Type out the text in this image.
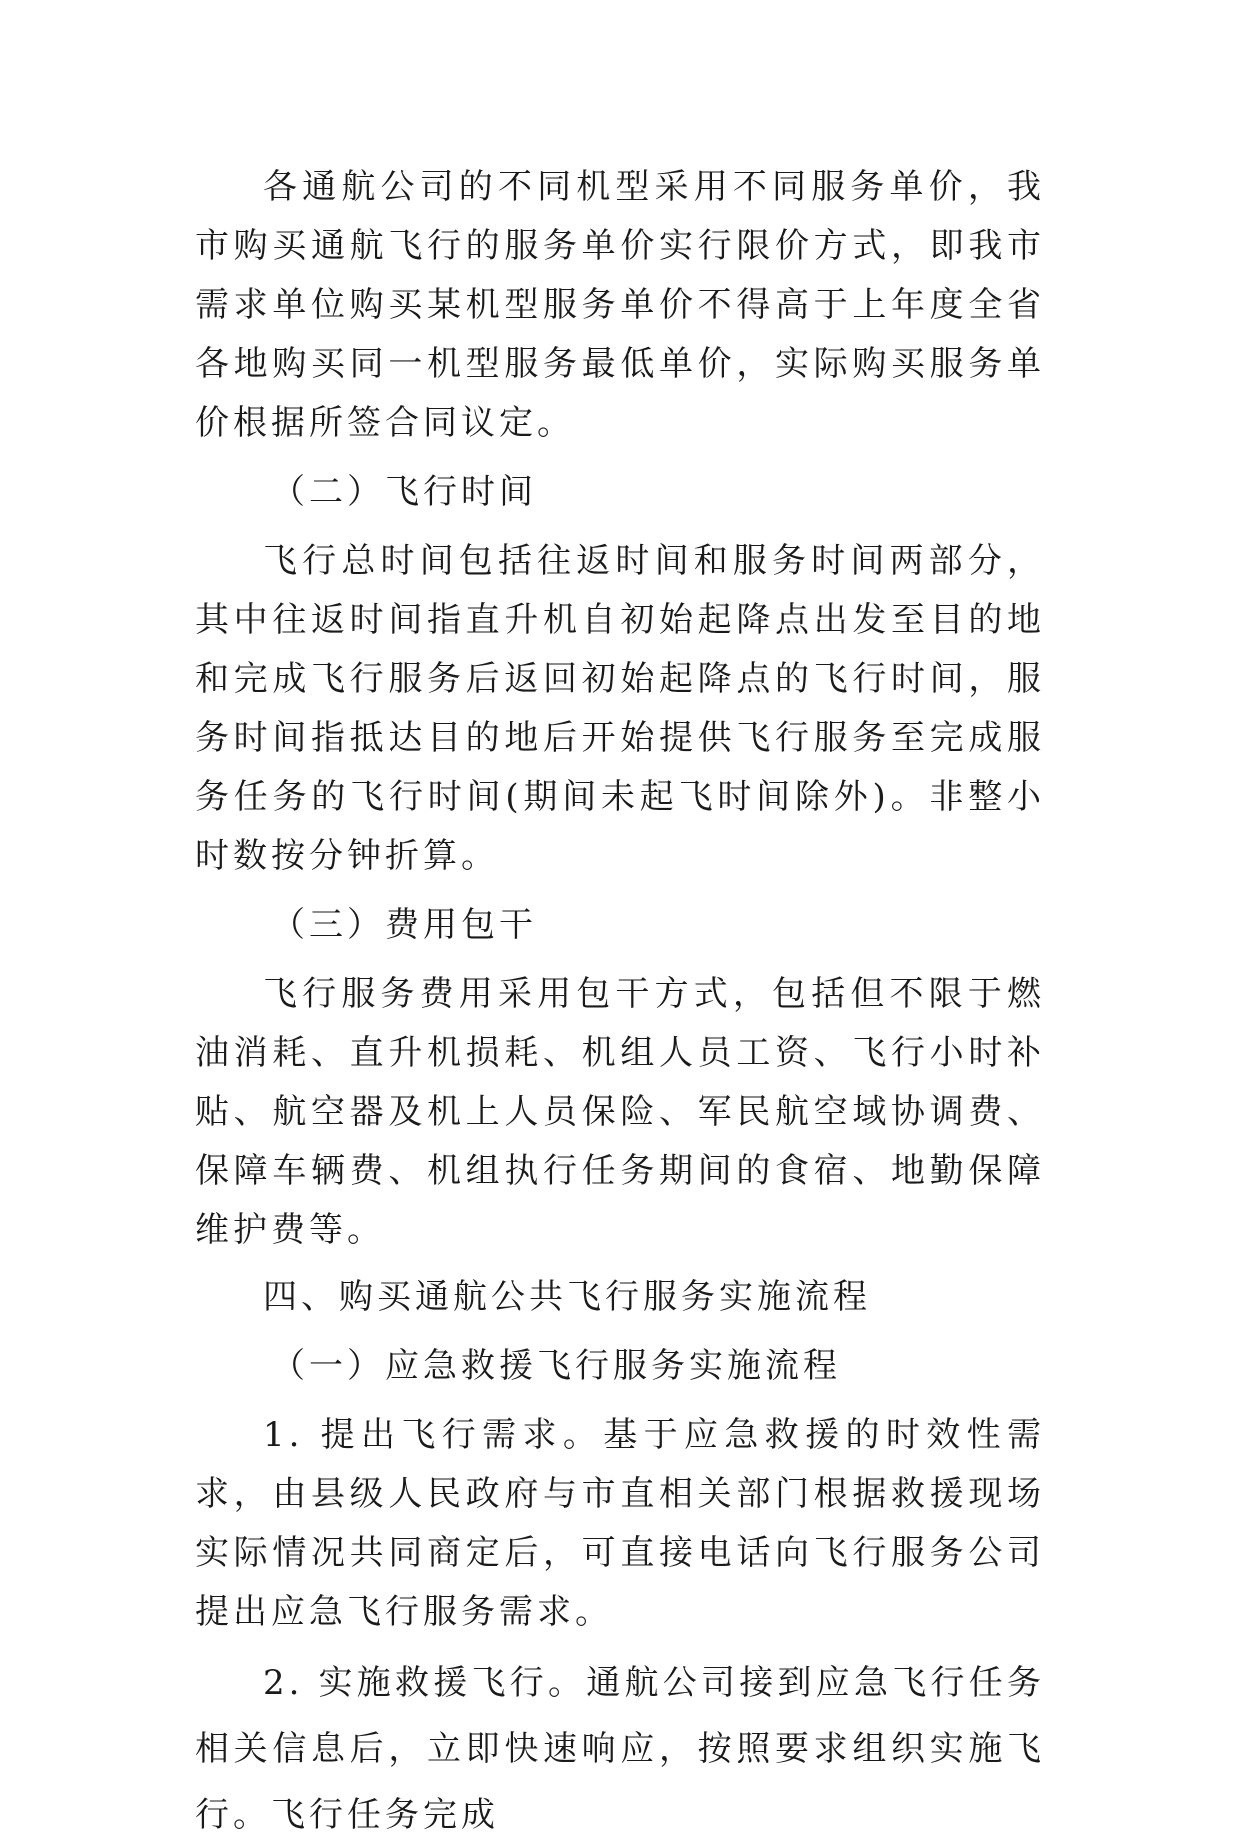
各通航公司的不同机型采用不同服务单价，我市购买通航飞行的服务单价实行限价方式，即我市需求单位购买某机型服务单价不得高于上年度全省各地购买同一机型服务最低单价，实际购买服务单价根据所签合同议定。

（二）飞行时间

飞行总时间包括往返时间和服务时间两部分，其中往返时间指直升机自初始起降点出发至目的地和完成飞行服务后返回初始起降点的飞行时间，服务时间指抵达目的地后开始提供飞行服务至完成服务任务的飞行时间(期间未起飞时间除外)。非整小时数按分钟折算。

（三）费用包干

飞行服务费用采用包干方式，包括但不限于燃油消耗、直升机损耗、机组人员工资、飞行小时补贴、航空器及机上人员保险、军民航空域协调费、保障车辆费、机组执行任务期间的食宿、地勤保障维护费等。

四、购买通航公共飞行服务实施流程

（一）应急救援飞行服务实施流程

1. 提出飞行需求。基于应急救援的时效性需求，由县级人民政府与市直相关部门根据救援现场实际情况共同商定后，可直接电话向飞行服务公司提出应急飞行服务需求。

2. 实施救援飞行。通航公司接到应急飞行任务相关信息后，立即快速响应，按照要求组织实施飞行。飞行任务完成
